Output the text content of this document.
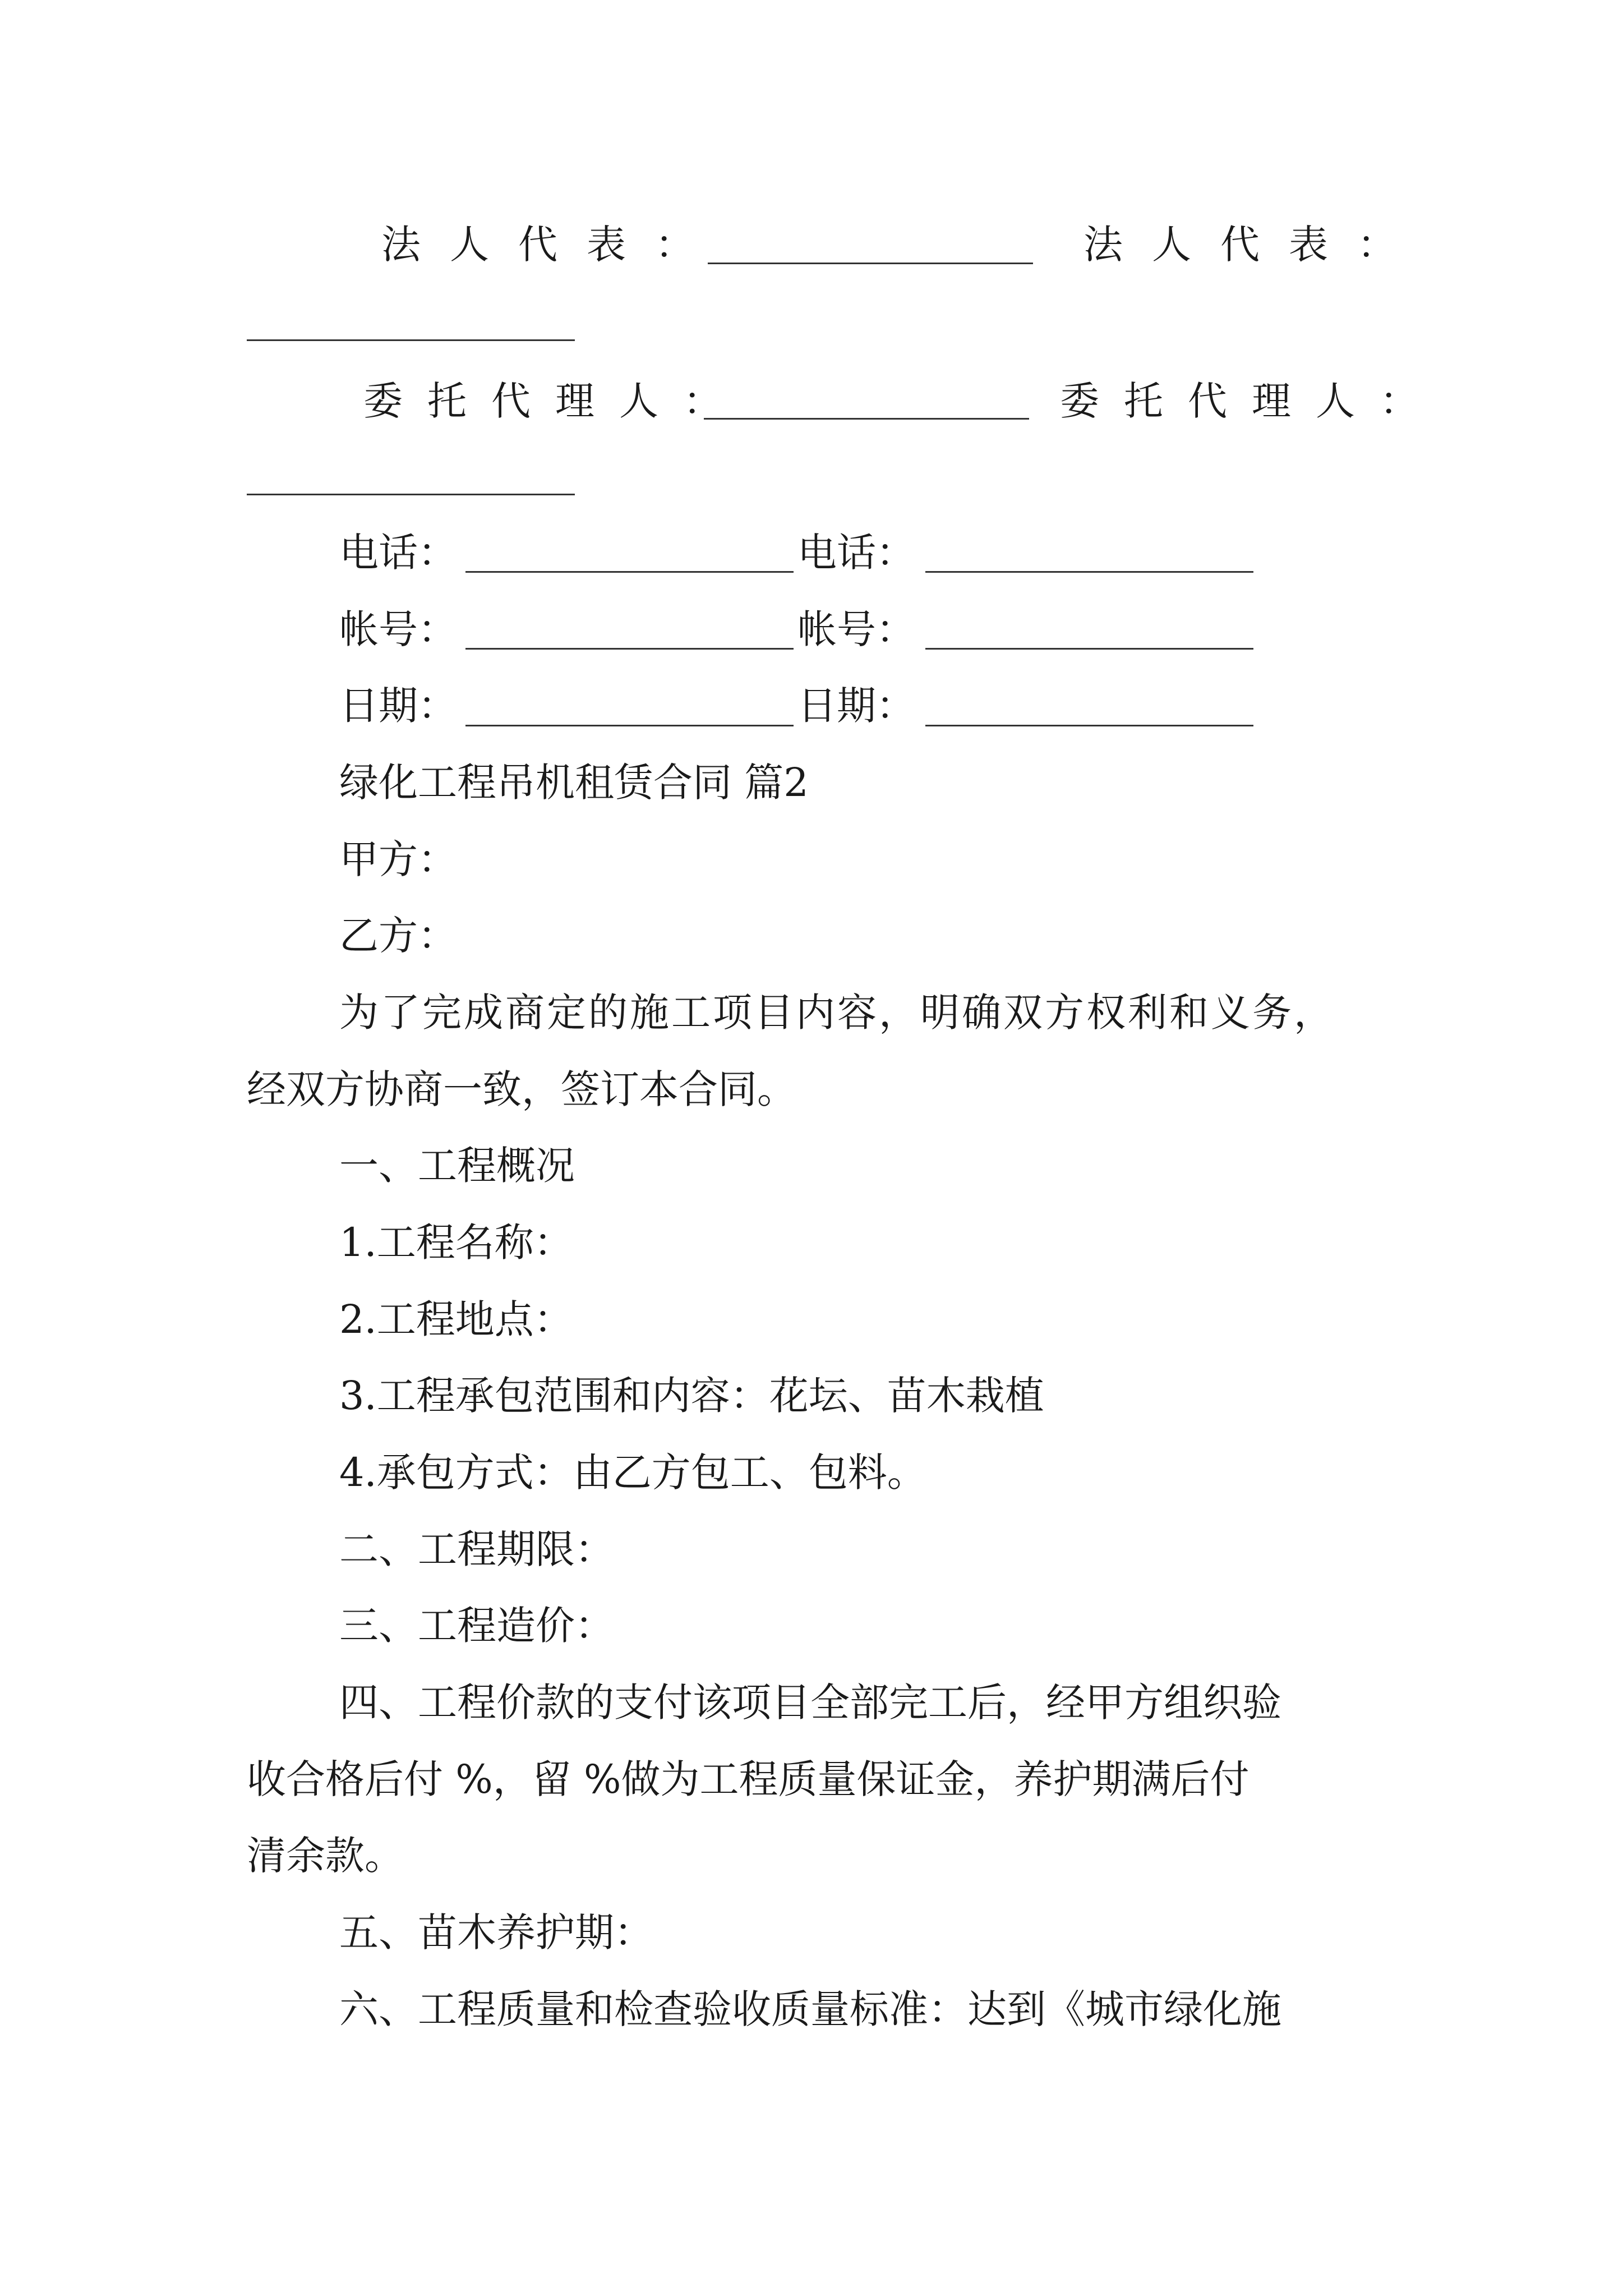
法人代表：	法人代表：
委托代理人：	委托代理人：
电话：	电话：
帐号：	帐号：
日期：	日期：
绿化工程吊机租赁合同 篇2
甲方：
乙方：
为了完成商定的施工项目内容，明确双方权利和义务，
经双方协商一致，签订本合同。
一、工程概况
1.工程名称：
2.工程地点：
3.工程承包范围和内容：花坛、苗木栽植
4.承包方式：由乙方包工、包料。
二、工程期限：
三、工程造价：
四、工程价款的支付该项目全部完工后，经甲方组织验
收合格后付 %，留 %做为工程质量保证金，养护期满后付
清余款。
五、苗木养护期：
六、工程质量和检查验收质量标准：达到《城市绿化施
